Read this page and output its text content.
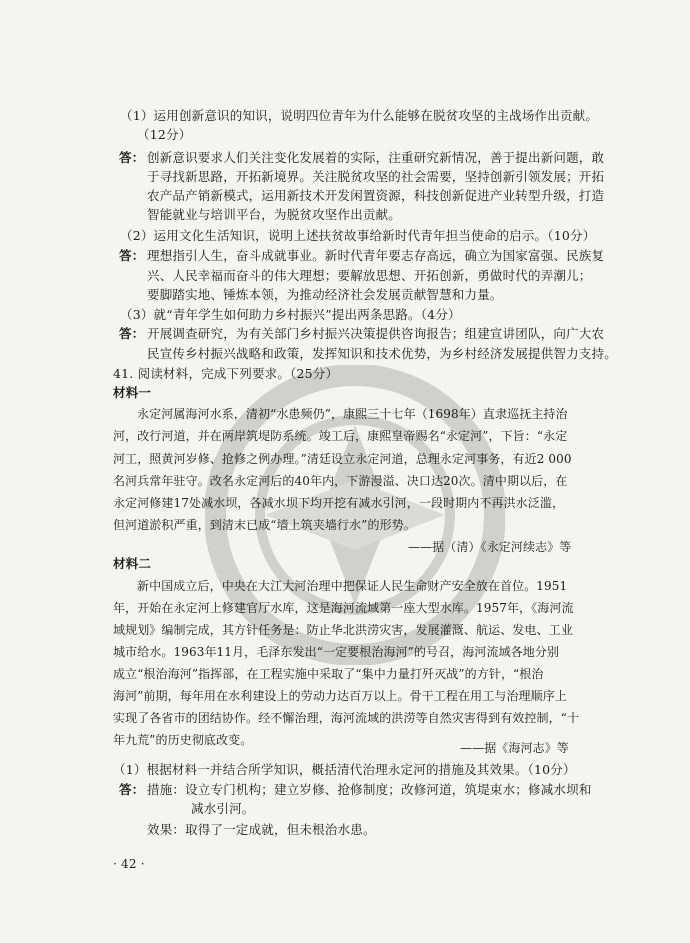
（1）运用创新意识的知识，说明四位青年为什么能够在脱贫攻坚的主战场作出贡献。
（12分）
答： 创新意识要求人们关注变化发展着的实际，注重研究新情况，善于提出新问题，敢
于寻找新思路，开拓新境界。关注脱贫攻坚的社会需要，坚持创新引领发展；开拓
农产品产销新模式，运用新技术开发闲置资源，科技创新促进产业转型升级，打造
智能就业与培训平台，为脱贫攻坚作出贡献。
（2）运用文化生活知识，说明上述扶贫故事给新时代青年担当使命的启示。（10分）
答： 理想指引人生，奋斗成就事业。新时代青年要志存高远，确立为国家富强、民族复
兴、人民幸福而奋斗的伟大理想；要解放思想、开拓创新，勇做时代的弄潮儿；
要脚踏实地、锤炼本领，为推动经济社会发展贡献智慧和力量。
（3）就“青年学生如何助力乡村振兴”提出两条思路。（4分）
答： 开展调查研究，为有关部门乡村振兴决策提供咨询报告；组建宣讲团队，向广大农
民宣传乡村振兴战略和政策，发挥知识和技术优势，为乡村经济发展提供智力支持。
41. 阅读材料，完成下列要求。（25分）
材料一
永定河属海河水系，清初“水患频仍”，康熙三十七年（1698年）直隶巡抚主持治
河，改行河道，并在两岸筑堤防系统。竣工后，康熙皇帝赐名“永定河”，下旨：“永定
河工，照黄河岁修、抢修之例办理。”清廷设立永定河道，总理永定河事务，有近2 000
名河兵常年驻守。改名永定河后的40年内，下游漫溢、决口达20次。清中期以后，在
永定河修建17处减水坝，各减水坝下均开挖有减水引河，一段时期内不再洪水泛滥，
但河道淤积严重，到清末已成“墙上筑夹墙行水”的形势。
——据（清）《永定河续志》等
材料二
新中国成立后，中央在大江大河治理中把保证人民生命财产安全放在首位。1951
年，开始在永定河上修建官厅水库，这是海河流域第一座大型水库。1957年，《海河流
域规划》编制完成，其方针任务是：防止华北洪涝灾害，发展灌溉、航运、发电、工业
城市给水。1963年11月，毛泽东发出“一定要根治海河”的号召，海河流域各地分别
成立“根治海河”指挥部，在工程实施中采取了“集中力量打歼灭战”的方针，“根治
海河”前期，每年用在水利建设上的劳动力达百万以上。骨干工程在用工与治理顺序上
实现了各省市的团结协作。经不懈治理，海河流域的洪涝等自然灾害得到有效控制，“十
年九荒”的历史彻底改变。
——据《海河志》等
（1）根据材料一并结合所学知识，概括清代治理永定河的措施及其效果。（10分）
答： 措施：设立专门机构；建立岁修、抢修制度；改修河道，筑堤束水；修减水坝和
减水引河。
效果：取得了一定成就，但未根治水患。
· 42 ·
